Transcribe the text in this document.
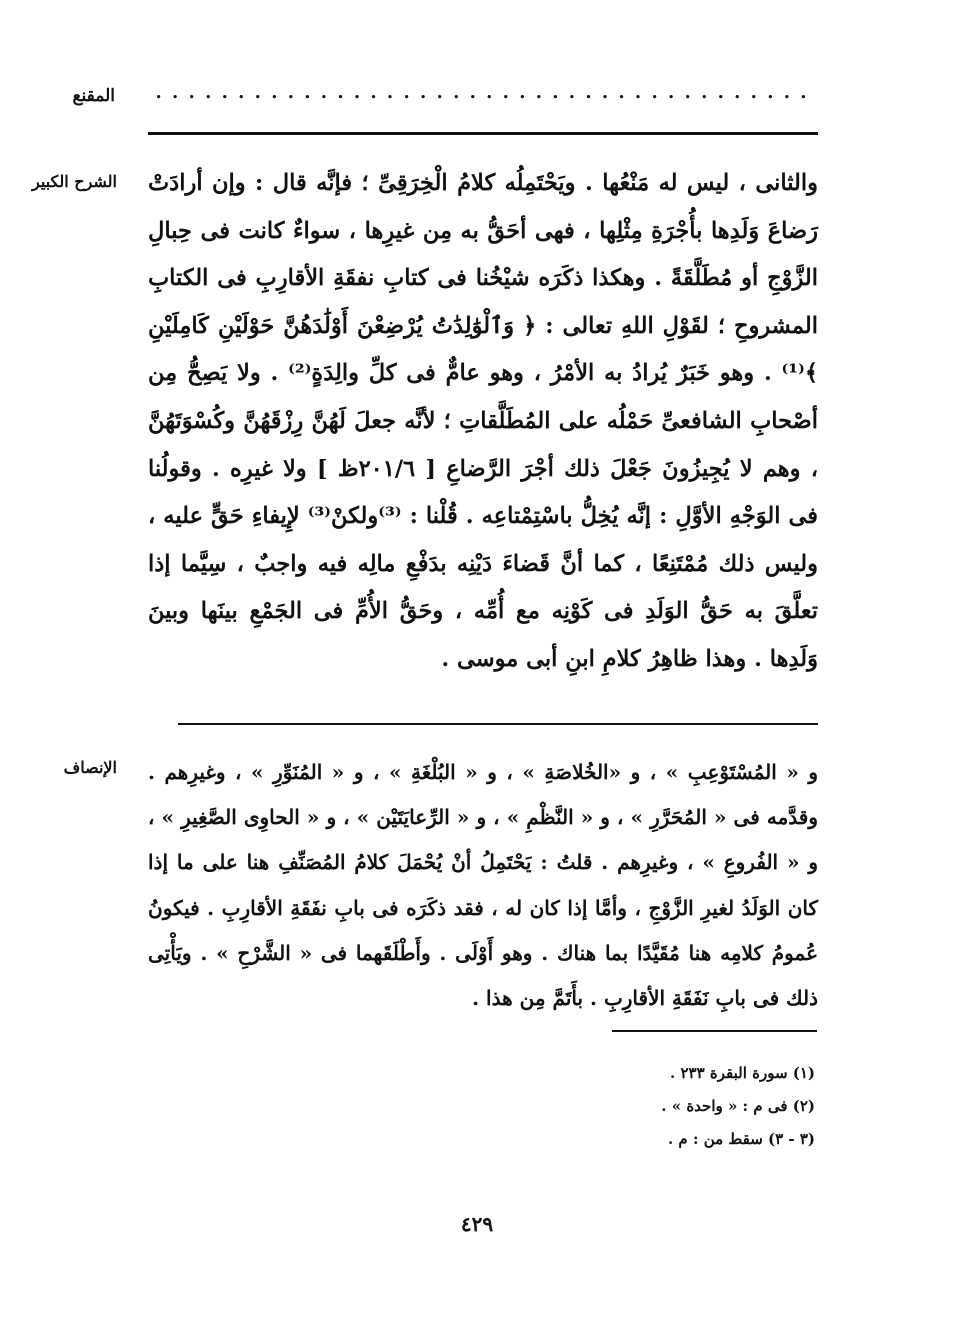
المقنع	. . . . . . . . . . . . . . . . . . . . . . . . . . . . . . . . . . . . . . . .
الشرح الكبير والثانى ، ليس له مَنْعُها . ويَحْتَمِلُه كلامُ الْخِرَقِىِّ ؛ فإنَّه قال : وإن أرادَتْ رَضاعَ وَلَدِها بأُجْرَةِ مِثْلِها ، فهى أحَقُّ به مِن غيرِها ، سواءٌ كانت فى حِبالِ الزَّوْجِ أو مُطَلَّقَةً . وهكذا ذكَرَه شيْخُنا فى كتابِ نفقَةِ الأقارِبِ فى الكتابِ المشروحِ ؛ لقَوْلِ اللهِ تعالى : ﴿ وَٱلْوَٰلِدَٰتُ يُرْضِعْنَ أَوْلَٰدَهُنَّ حَوْلَيْنِ كَامِلَيْنِ ﴾⁽¹⁾ . وهو خَبَرٌ يُرادُ به الأمْرُ ، وهو عامٌّ فى كلِّ والِدَةٍ⁽²⁾ . ولا يَصِحُّ مِن أصْحابِ الشافعىِّ حَمْلُه على المُطَلَّقاتِ ؛ لأنَّه جعلَ لَهُنَّ رِزْقَهُنَّ وكُسْوَتَهُنَّ ، وهم لا يُجِيزُونَ جَعْلَ ذلك أجْرَ الرَّضاعِ [ ٢٠١/٦ظ ] ولا غيرِه . وقولُنا فى الوَجْهِ الأوَّلِ : إنَّه يُخِلُّ باسْتِمْتاعِه . قُلْنا : ⁽³⁾ولكنْ⁽³⁾ لإِيفاءِ حَقٍّ عليه ، وليس ذلك مُمْتَنِعًا ، كما أنَّ قَضاءَ دَيْنِه بدَفْعِ مالِه فيه واجبٌ ، سِيَّما إذا تعلَّقَ به حَقُّ الوَلَدِ فى كَوْنِه مع أُمِّه ، وحَقُّ الأُمِّ فى الجَمْعِ بينَها وبينَ وَلَدِها . وهذا ظاهِرُ كلامِ ابنِ أبى موسى .
الإنصاف و « المُسْتَوْعِبِ » ، و «الخُلاصَةِ » ، و « البُلْغَةِ » ، و « المُنَوِّرِ » ، وغيرِهم . وقدَّمه فى « المُحَرَّرِ » ، و « النَّظْمِ » ، و « الرِّعايَتَيْن » ، و « الحاوِى الصَّغِيرِ » ، و « الفُروعِ » ، وغيرِهم . قلتُ : يَحْتَمِلُ أنْ يُحْمَلَ كلامُ المُصَنِّفِ هنا على ما إذا كان الوَلَدُ لغيرِ الزَّوْجِ ، وأمَّا إذا كان له ، فقد ذكَرَه فى بابِ نفَقَةِ الأقارِبِ . فيكونُ عُمومُ كلامِه هنا مُقَيَّدًا بما هناك . وهو أَوْلَى . وأَطْلَقَهما فى « الشَّرْحِ » . ويَأْتِى ذلك فى بابِ نَفَقَةِ الأقارِبِ . بأَتَمَّ مِن هذا .
(١) سورة البقرة ٢٣٣ .
(٢) فى م : « واحدة » .
(٣ - ٣) سقط من : م .
٤٢٩
